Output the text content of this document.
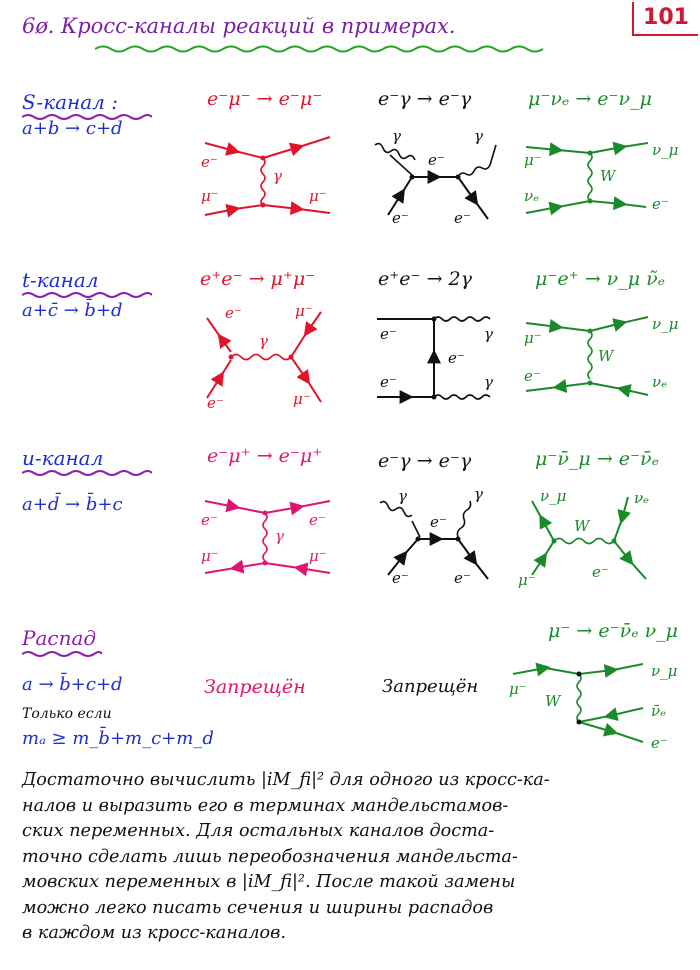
6ø. Кросс-каналы реакций в примерах.	101
S-канал :
a+b → c+d
e⁻μ⁻ → e⁻μ⁻	e⁻γ → e⁻γ	μ⁻νₑ → e⁻ν_μ
t-канал
a+c̄ → b̄+d
e⁺e⁻ → μ⁺μ⁻	e⁺e⁻ → 2γ	μ⁻e⁺ → ν_μ ν̃ₑ
u-канал
a+d̄ → b̄+c
e⁻μ⁺ → e⁻μ⁺	e⁻γ → e⁻γ	μ⁻ν̄_μ → e⁻ν̄ₑ
Распад
a → b̄+c+d
Только если
mₐ ≥ m_b̄+m_c+m_d
Запрещён	Запрещён
μ⁻ → e⁻ν̄ₑ ν_μ
e⁻
μ⁻
γ
μ⁻
γ	γ
e⁻
e⁻	e⁻
μ⁻
νₑ
W
ν_μ
e⁻
e⁻
e⁻
γ
μ⁻
μ⁻
e⁻
e⁻
e⁻
γ
γ
μ⁻
e⁻
W
ν_μ
νₑ
e⁻
μ⁻
γ
e⁻
μ⁻
γ	γ
e⁻
e⁻	e⁻
ν_μ
μ⁻
W
νₑ
e⁻
μ⁻
W
ν_μ
ν̄ₑ
e⁻
Достаточно вычислить |iM_fi|² для одного из кросс-ка-
налов и выразить его в терминах мандельстамов-
ских переменных. Для остальных каналов доста-
точно сделать лишь переобозначения мандельста-
мовских переменных в |iM_fi|². После такой замены
можно легко писать сечения и ширины распадов
в каждом из кросс-каналов.
